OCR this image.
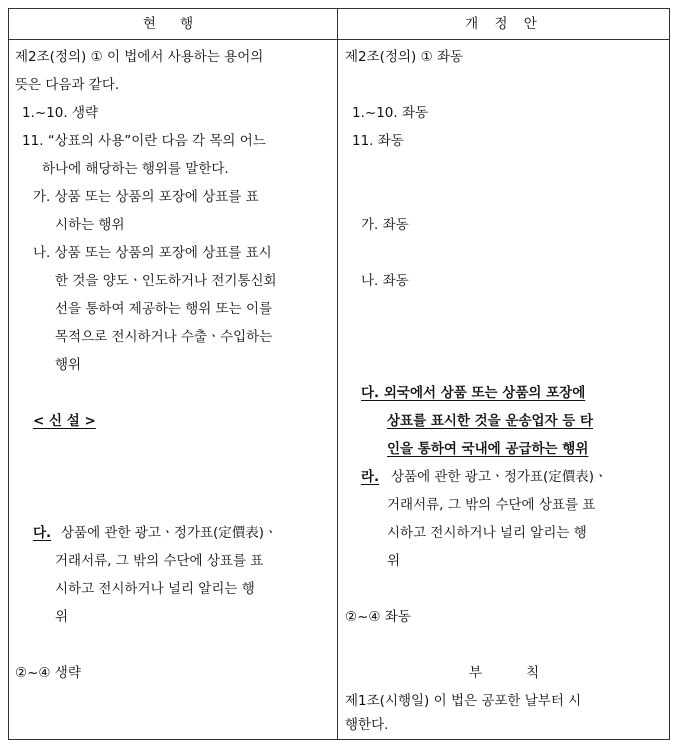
현 행	개 정 안
제2조(정의) ① 이 법에서 사용하는 용어의
뜻은 다음과 같다.
1.~10. 생략
11. “상표의 사용”이란 다음 각 목의 어느
하나에 해당하는 행위를 말한다.
가. 상품 또는 상품의 포장에 상표를 표
시하는 행위
나. 상품 또는 상품의 포장에 상표를 표시
한 것을 양도ㆍ인도하거나 전기통신회
선을 통하여 제공하는 행위 또는 이를
목적으로 전시하거나 수출ㆍ수입하는
행위
< 신 설 >
다. 상품에 관한 광고ㆍ정가표(定價表)ㆍ
거래서류, 그 밖의 수단에 상표를 표
시하고 전시하거나 널리 알리는 행
위
②~④ 생략
제2조(정의) ① 좌동
1.~10. 좌동
11. 좌동
가. 좌동
나. 좌동
다. 외국에서 상품 또는 상품의 포장에
상표를 표시한 것을 운송업자 등 타
인을 통하여 국내에 공급하는 행위
라. 상품에 관한 광고ㆍ정가표(定價表)ㆍ
거래서류, 그 밖의 수단에 상표를 표
시하고 전시하거나 널리 알리는 행
위
②~④ 좌동
부 칙
제1조(시행일) 이 법은 공포한 날부터 시
행한다.
